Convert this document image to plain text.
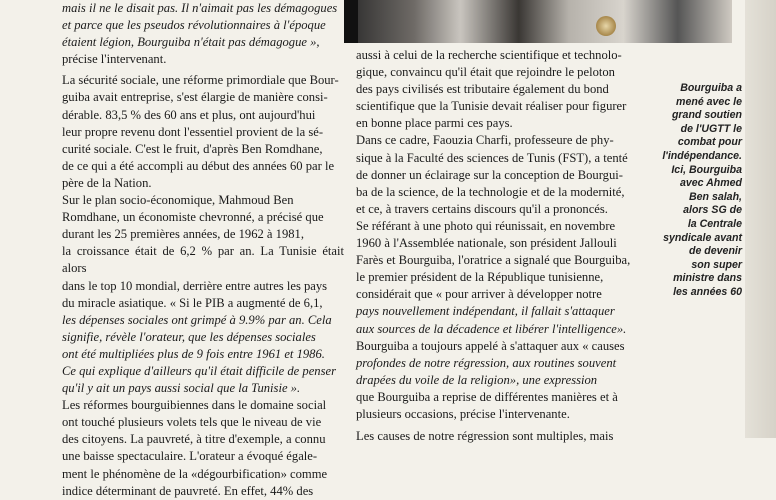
mais il ne le disait pas. Il n'aimait pas les démagogues
et parce que les pseudos révolutionnaires à l'époque
étaient légion, Bourguiba n'était pas démagogue »,
précise l'intervenant.

La sécurité sociale, une réforme primordiale que Bour-
guiba avait entreprise, s'est élargie de manière consi-
dérable. 83,5 % des 60 ans et plus, ont aujourd'hui
leur propre revenu dont l'essentiel provient de la sé-
curité sociale. C'est le fruit, d'après Ben Romdhane,
de ce qui a été accompli au début des années 60 par le
père de la Nation.

Sur le plan socio-économique, Mahmoud Ben
Romdhane, un économiste chevronné, a précisé que
durant les 25 premières années, de 1962 à 1981,
la croissance était de 6,2 % par an. La Tunisie était alors
dans le top 10 mondial, derrière entre autres les pays
du miracle asiatique. « Si le PIB a augmenté de 6,1,
les dépenses sociales ont grimpé à 9.9% par an. Cela
signifie, révèle l'orateur, que les dépenses sociales
ont été multipliées plus de 9 fois entre 1961 et 1986.
Ce qui explique d'ailleurs qu'il était difficile de penser
qu'il y ait un pays aussi social que la Tunisie ».

Les réformes bourguibiennes dans le domaine social
ont touché plusieurs volets tels que le niveau de vie
des citoyens. La pauvreté, à titre d'exemple, a connu
une baisse spectaculaire. L'orateur a évoqué égale-
ment le phénomène de la «dégourbification» comme
indice déterminant de pauvreté. En effet, 44% des

aussi à celui de la recherche scientifique et technolo-
gique, convaincu qu'il était que rejoindre le peloton
des pays civilisés est tributaire également du bond
scientifique que la Tunisie devait réaliser pour figurer
en bonne place parmi ces pays.

Dans ce cadre, Faouzia Charfi, professeure de phy-
sique à la Faculté des sciences de Tunis (FST), a tenté
de donner un éclairage sur la conception de Bourgui-
ba de la science, de la technologie et de la modernité,
et ce, à travers certains discours qu'il a prononcés.

Se référant à une photo qui réunissait, en novembre
1960 à l'Assemblée nationale, son président Jallouli
Farès et Bourguiba, l'oratrice a signalé que Bourguiba,
le premier président de la République tunisienne,
considérait que « pour arriver à développer notre
pays nouvellement indépendant, il fallait s'attaquer
aux sources de la décadence et libérer l'intelligence».

Bourguiba a toujours appelé à s'attaquer aux « causes
profondes de notre régression, aux routines souvent
drapées du voile de la religion», une expression
que Bourguiba a reprise de différentes manières et à
plusieurs occasions, précise l'intervenante.

Les causes de notre régression sont multiples, mais

Bourguiba a
mené avec le
grand soutien
de l'UGTT le
combat pour
l'indépendance.
Ici, Bourguiba
avec Ahmed
Ben salah,
alors SG de
la Centrale
syndicale avant
de devenir
son super
ministre dans
les années 60
